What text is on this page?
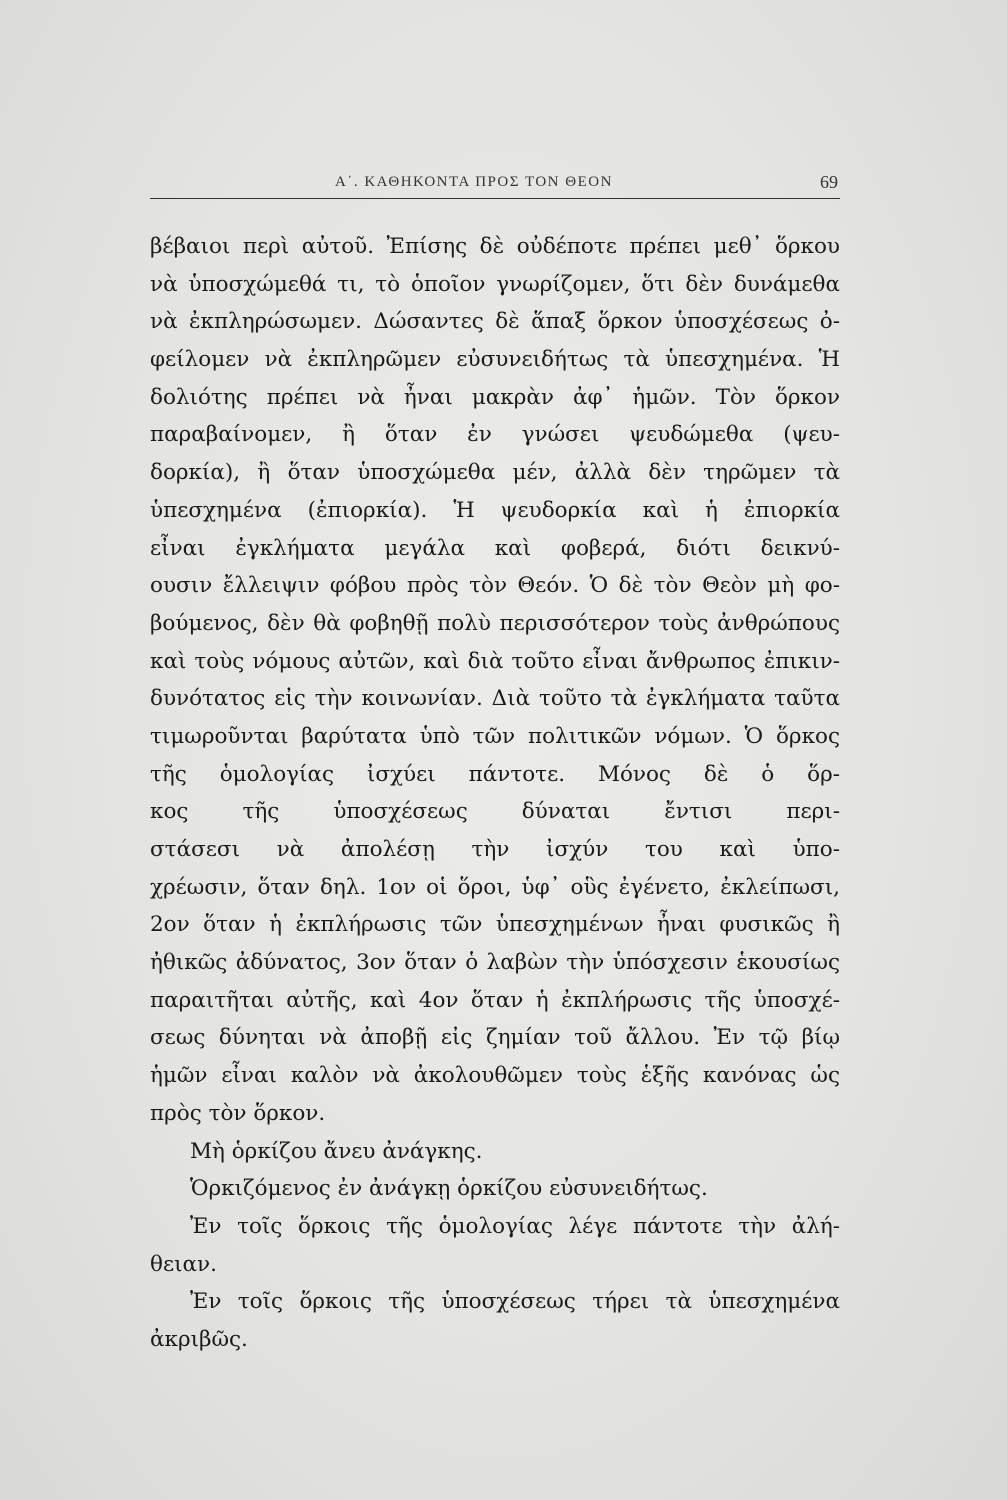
Α΄. ΚΑΘΗΚΟΝΤΑ ΠΡΟΣ ΤΟΝ ΘΕΟΝ	69
βέβαιοι περὶ αὐτοῦ. Ἐπίσης δὲ οὐδέποτε πρέπει μεθ᾽ ὅρκου
νὰ ὑποσχώμεθά τι, τὸ ὁποῖον γνωρίζομεν, ὅτι δὲν δυνάμεθα
νὰ ἐκπληρώσωμεν. Δώσαντες δὲ ἅπαξ ὅρκον ὑποσχέσεως ὀ-
φείλομεν νὰ ἐκπληρῶμεν εὐσυνειδήτως τὰ ὑπεσχημένα. Ἡ
δολιότης πρέπει νὰ ἦναι μακρὰν ἀφ᾽ ἡμῶν. Τὸν ὅρκον
παραβαίνομεν, ἢ ὅταν ἐν γνώσει ψευδώμεθα (ψευ-
δορκία), ἢ ὅταν ὑποσχώμεθα μέν, ἀλλὰ δὲν τηρῶμεν τὰ
ὑπεσχημένα (ἐπιορκία). Ἡ ψευδορκία καὶ ἡ ἐπιορκία
εἶναι ἐγκλήματα μεγάλα καὶ φοβερά, διότι δεικνύ-
ουσιν ἔλλειψιν φόβου πρὸς τὸν Θεόν. Ὁ δὲ τὸν Θεὸν μὴ φο-
βούμενος, δὲν θὰ φοβηθῇ πολὺ περισσότερον τοὺς ἀνθρώπους
καὶ τοὺς νόμους αὐτῶν, καὶ διὰ τοῦτο εἶναι ἄνθρωπος ἐπικιν-
δυνότατος εἰς τὴν κοινωνίαν. Διὰ τοῦτο τὰ ἐγκλήματα ταῦτα
τιμωροῦνται βαρύτατα ὑπὸ τῶν πολιτικῶν νόμων. Ὁ ὅρκος
τῆς ὁμολογίας ἰσχύει πάντοτε. Μόνος δὲ ὁ ὅρ-
κος τῆς ὑποσχέσεως δύναται ἔντισι περι-
στάσεσι νὰ ἀπολέσῃ τὴν ἰσχύν του καὶ ὑπο-
χρέωσιν, ὅταν δηλ. 1ον οἱ ὅροι, ὑφ᾽ οὓς ἐγένετο, ἐκλείπωσι,
2ον ὅταν ἡ ἐκπλήρωσις τῶν ὑπεσχημένων ἦναι φυσικῶς ἢ
ἠθικῶς ἀδύνατος, 3ον ὅταν ὁ λαβὼν τὴν ὑπόσχεσιν ἑκουσίως
παραιτῆται αὐτῆς, καὶ 4ον ὅταν ἡ ἐκπλήρωσις τῆς ὑποσχέ-
σεως δύνηται νὰ ἀποβῇ εἰς ζημίαν τοῦ ἄλλου. Ἐν τῷ βίῳ
ἡμῶν εἶναι καλὸν νὰ ἀκολουθῶμεν τοὺς ἑξῆς κανόνας ὡς
πρὸς τὸν ὅρκον.
Μὴ ὁρκίζου ἄνευ ἀνάγκης.
Ὁρκιζόμενος ἐν ἀνάγκῃ ὁρκίζου εὐσυνειδήτως.
Ἐν τοῖς ὅρκοις τῆς ὁμολογίας λέγε πάντοτε τὴν ἀλή-
θειαν.
Ἐν τοῖς ὅρκοις τῆς ὑποσχέσεως τήρει τὰ ὑπεσχημένα
ἀκριβῶς.
